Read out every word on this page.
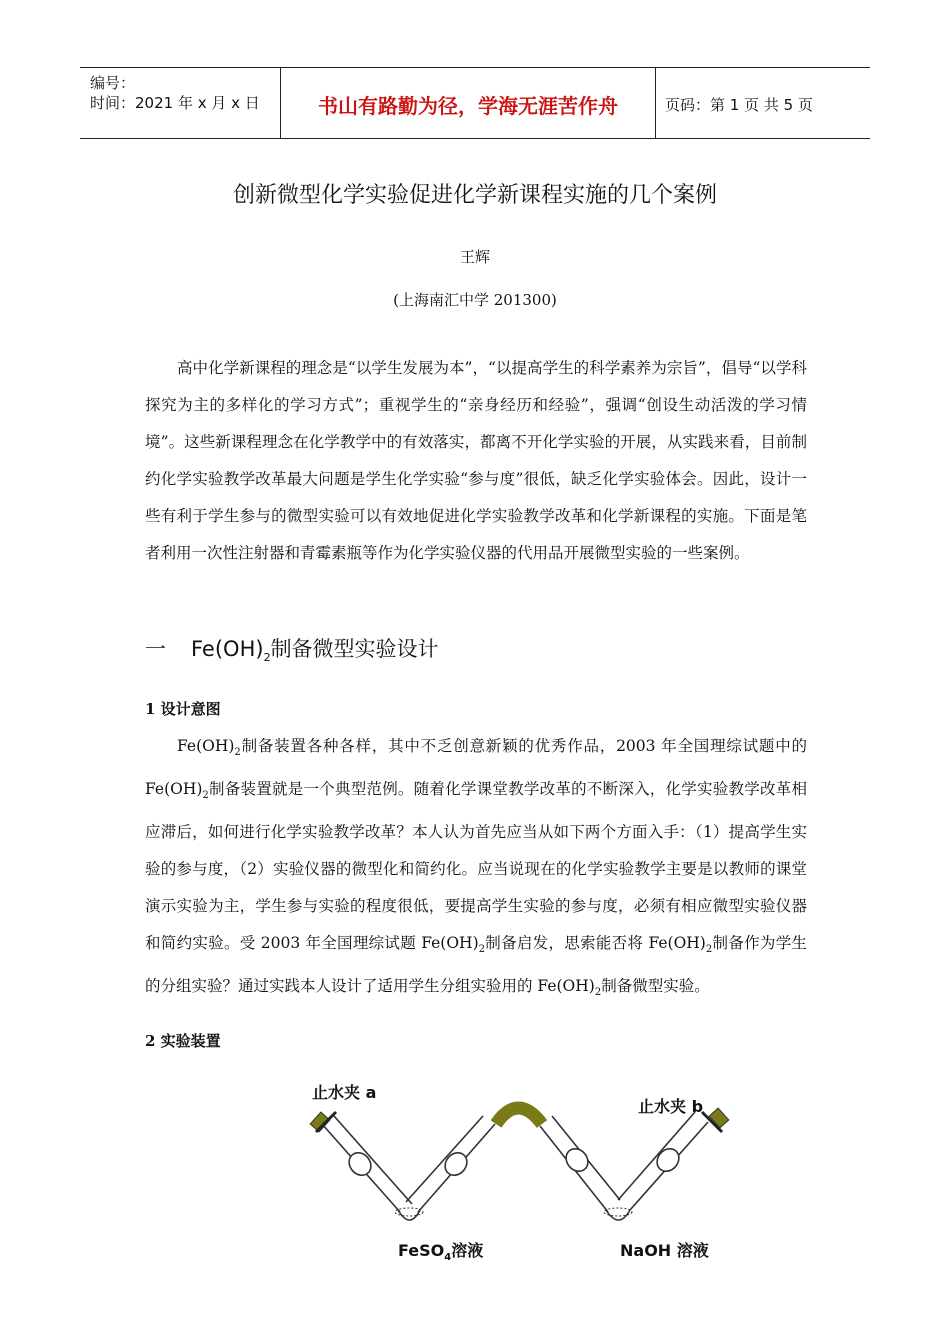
编号：
时间：2021 年 x 月 x 日	书山有路勤为径，学海无涯苦作舟	页码：第 1 页 共 5 页
创新微型化学实验促进化学新课程实施的几个案例
王辉
(上海南汇中学 201300)

高中化学新课程的理念是“以学生发展为本”，“以提高学生的科学素养为宗旨”，倡导“以学科探究为主的多样化的学习方式”；重视学生的“亲身经历和经验”，强调“创设生动活泼的学习情境”。这些新课程理念在化学教学中的有效落实，都离不开化学实验的开展，从实践来看，目前制约化学实验教学改革最大问题是学生化学实验“参与度”很低，缺乏化学实验体会。因此，设计一些有利于学生参与的微型实验可以有效地促进化学实验教学改革和化学新课程的实施。下面是笔者利用一次性注射器和青霉素瓶等作为化学实验仪器的代用品开展微型实验的一些案例。

一 $Fe(OH)_2$制备微型实验设计
1 设计意图

$Fe(OH)_2$制备装置各种各样，其中不乏创意新颖的优秀作品，2003 年全国理综试题中的 $Fe(OH)_2$制备装置就是一个典型范例。随着化学课堂教学改革的不断深入，化学实验教学改革相应滞后，如何进行化学实验教学改革？本人认为首先应当从如下两个方面入手：（1）提高学生实验的参与度，（2）实验仪器的微型化和简约化。应当说现在的化学实验教学主要是以教师的课堂演示实验为主，学生参与实验的程度很低，要提高学生实验的参与度，必须有相应微型实验仪器和简约实验。受 2003 年全国理综试题 $Fe(OH)_2$制备启发，思索能否将 $Fe(OH)_2$制备作为学生的分组实验？通过实践本人设计了适用学生分组实验用的 $Fe(OH)_2$制备微型实验。

2 实验装置
止水夹 a
止水夹 b
FeSO$_4$溶液	NaOH 溶液
